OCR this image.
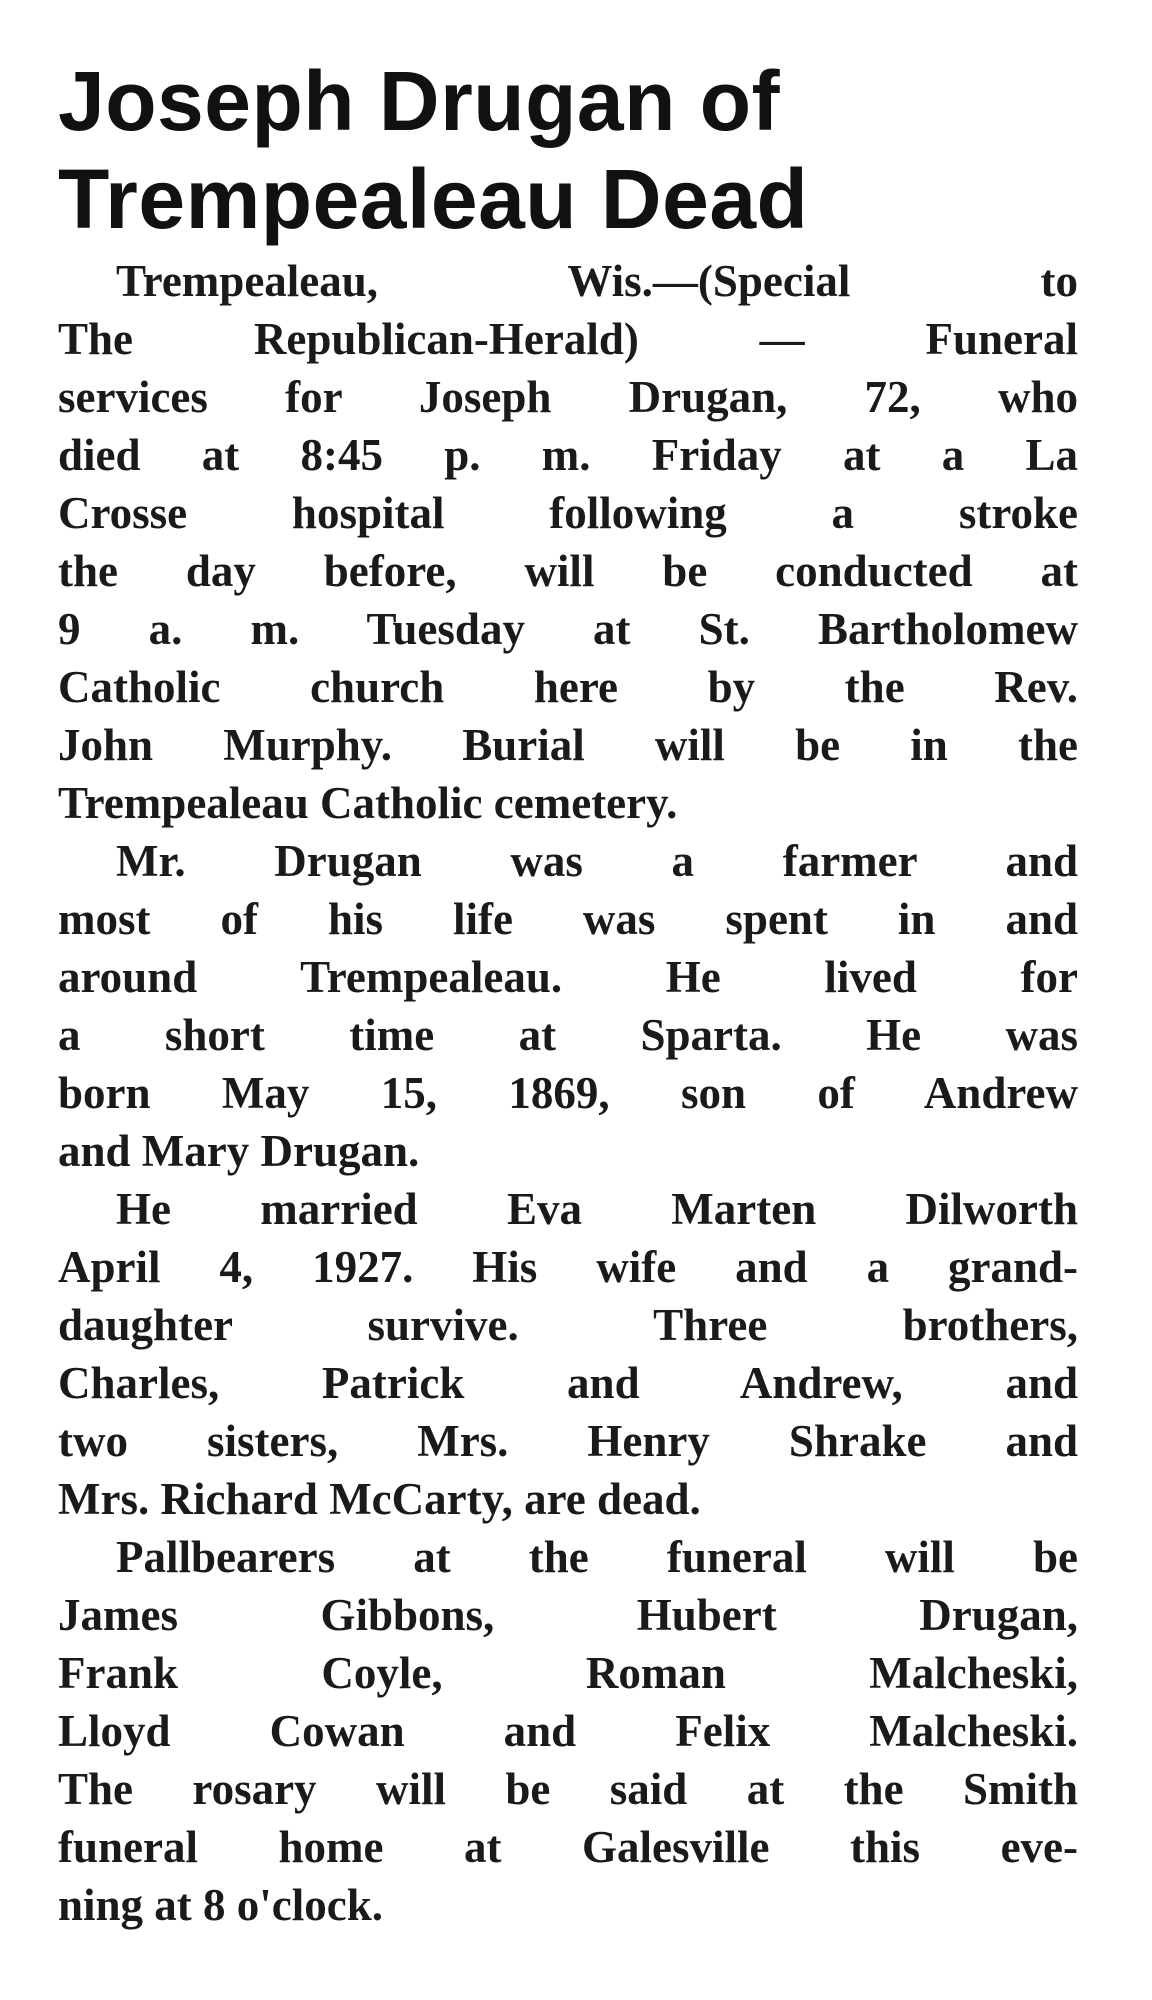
Joseph Drugan of
Trempealeau Dead
Trempealeau, Wis.—(Special to
The Republican-Herald) — Funeral
services for Joseph Drugan, 72, who
died at 8:45 p. m. Friday at a La
Crosse hospital following a stroke
the day before, will be conducted at
9 a. m. Tuesday at St. Bartholomew
Catholic church here by the Rev.
John Murphy. Burial will be in the
Trempealeau Catholic cemetery.
Mr. Drugan was a farmer and
most of his life was spent in and
around Trempealeau. He lived for
a short time at Sparta. He was
born May 15, 1869, son of Andrew
and Mary Drugan.
He married Eva Marten Dilworth
April 4, 1927. His wife and a grand-
daughter survive. Three brothers,
Charles, Patrick and Andrew, and
two sisters, Mrs. Henry Shrake and
Mrs. Richard McCarty, are dead.
Pallbearers at the funeral will be
James Gibbons, Hubert Drugan,
Frank Coyle, Roman Malcheski,
Lloyd Cowan and Felix Malcheski.
The rosary will be said at the Smith
funeral home at Galesville this eve-
ning at 8 o'clock.
